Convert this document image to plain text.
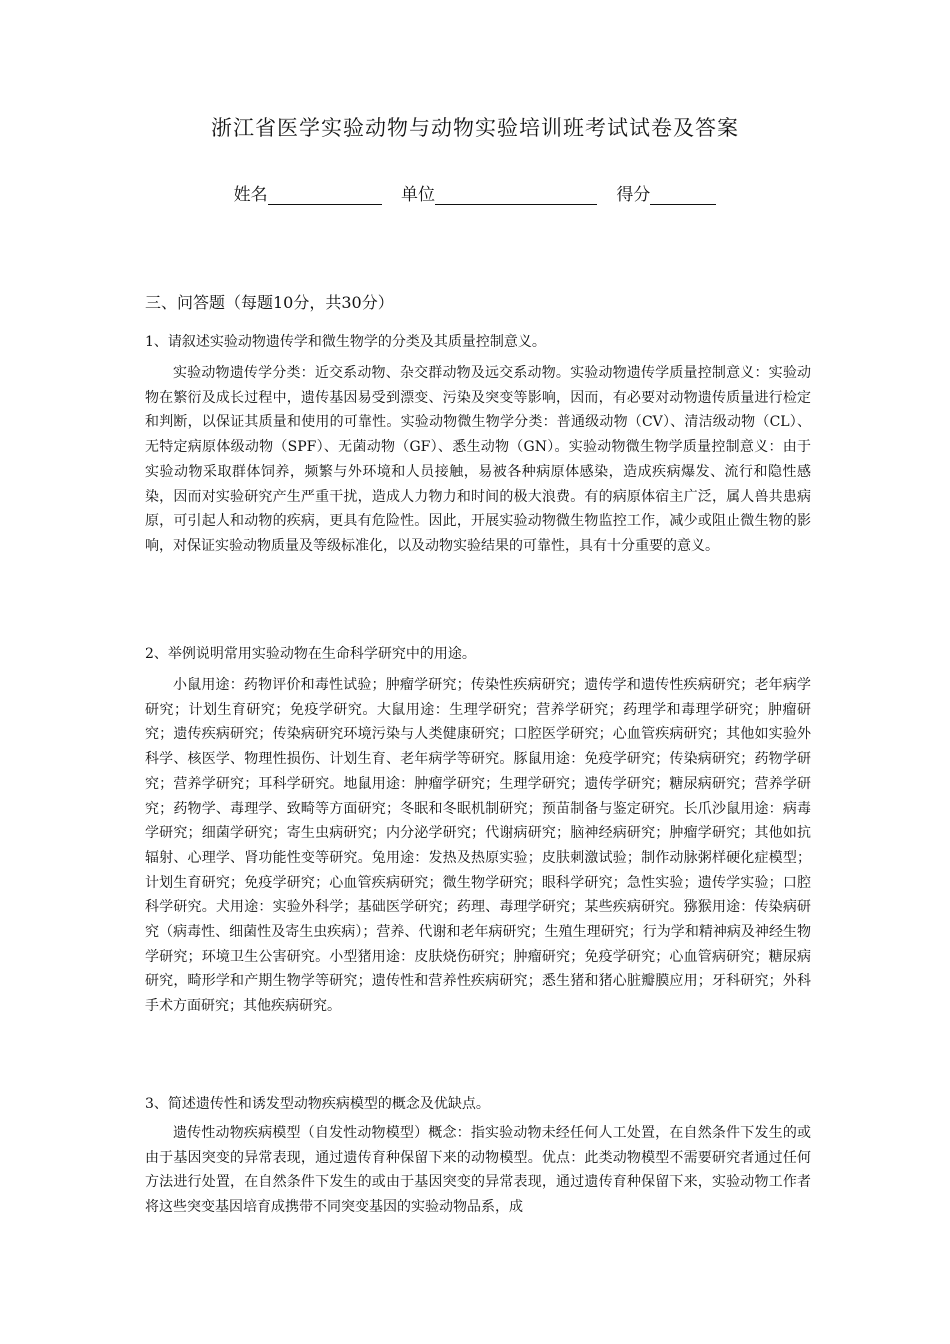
浙江省医学实验动物与动物实验培训班考试试卷及答案
姓名	单位	得分
三、问答题（每题10分，共30分）
1、请叙述实验动物遗传学和微生物学的分类及其质量控制意义。
实验动物遗传学分类：近交系动物、杂交群动物及远交系动物。实验动物遗传学质量控制意义：实验动物在繁衍及成长过程中，遗传基因易受到漂变、污染及突变等影响，因而，有必要对动物遗传质量进行检定和判断，以保证其质量和使用的可靠性。实验动物微生物学分类：普通级动物（CV）、清洁级动物（CL）、无特定病原体级动物（SPF）、无菌动物（GF）、悉生动物（GN）。实验动物微生物学质量控制意义：由于实验动物采取群体饲养，频繁与外环境和人员接触，易被各种病原体感染，造成疾病爆发、流行和隐性感染，因而对实验研究产生严重干扰，造成人力物力和时间的极大浪费。有的病原体宿主广泛，属人兽共患病原，可引起人和动物的疾病，更具有危险性。因此，开展实验动物微生物监控工作，减少或阻止微生物的影响，对保证实验动物质量及等级标准化，以及动物实验结果的可靠性，具有十分重要的意义。
2、举例说明常用实验动物在生命科学研究中的用途。
小鼠用途：药物评价和毒性试验；肿瘤学研究；传染性疾病研究；遗传学和遗传性疾病研究；老年病学研究；计划生育研究；免疫学研究。大鼠用途：生理学研究；营养学研究；药理学和毒理学研究；肿瘤研究；遗传疾病研究；传染病研究环境污染与人类健康研究；口腔医学研究；心血管疾病研究；其他如实验外科学、核医学、物理性损伤、计划生育、老年病学等研究。豚鼠用途：免疫学研究；传染病研究；药物学研究；营养学研究；耳科学研究。地鼠用途：肿瘤学研究；生理学研究；遗传学研究；糖尿病研究；营养学研究；药物学、毒理学、致畸等方面研究；冬眠和冬眠机制研究；预苗制备与鉴定研究。长爪沙鼠用途：病毒学研究；细菌学研究；寄生虫病研究；内分泌学研究；代谢病研究；脑神经病研究；肿瘤学研究；其他如抗辐射、心理学、肾功能性变等研究。兔用途：发热及热原实验；皮肤刺激试验；制作动脉粥样硬化症模型；计划生育研究；免疫学研究；心血管疾病研究；微生物学研究；眼科学研究；急性实验；遗传学实验；口腔科学研究。犬用途：实验外科学；基础医学研究；药理、毒理学研究；某些疾病研究。猕猴用途：传染病研究（病毒性、细菌性及寄生虫疾病）；营养、代谢和老年病研究；生殖生理研究；行为学和精神病及神经生物学研究；环境卫生公害研究。小型猪用途：皮肤烧伤研究；肿瘤研究；免疫学研究；心血管病研究；糖尿病研究，畸形学和产期生物学等研究；遗传性和营养性疾病研究；悉生猪和猪心脏瓣膜应用；牙科研究；外科手术方面研究；其他疾病研究。
3、简述遗传性和诱发型动物疾病模型的概念及优缺点。
遗传性动物疾病模型（自发性动物模型）概念：指实验动物未经任何人工处置，在自然条件下发生的或由于基因突变的异常表现，通过遗传育种保留下来的动物模型。优点：此类动物模型不需要研究者通过任何方法进行处置，在自然条件下发生的或由于基因突变的异常表现，通过遗传育种保留下来，实验动物工作者将这些突变基因培育成携带不同突变基因的实验动物品系，成
